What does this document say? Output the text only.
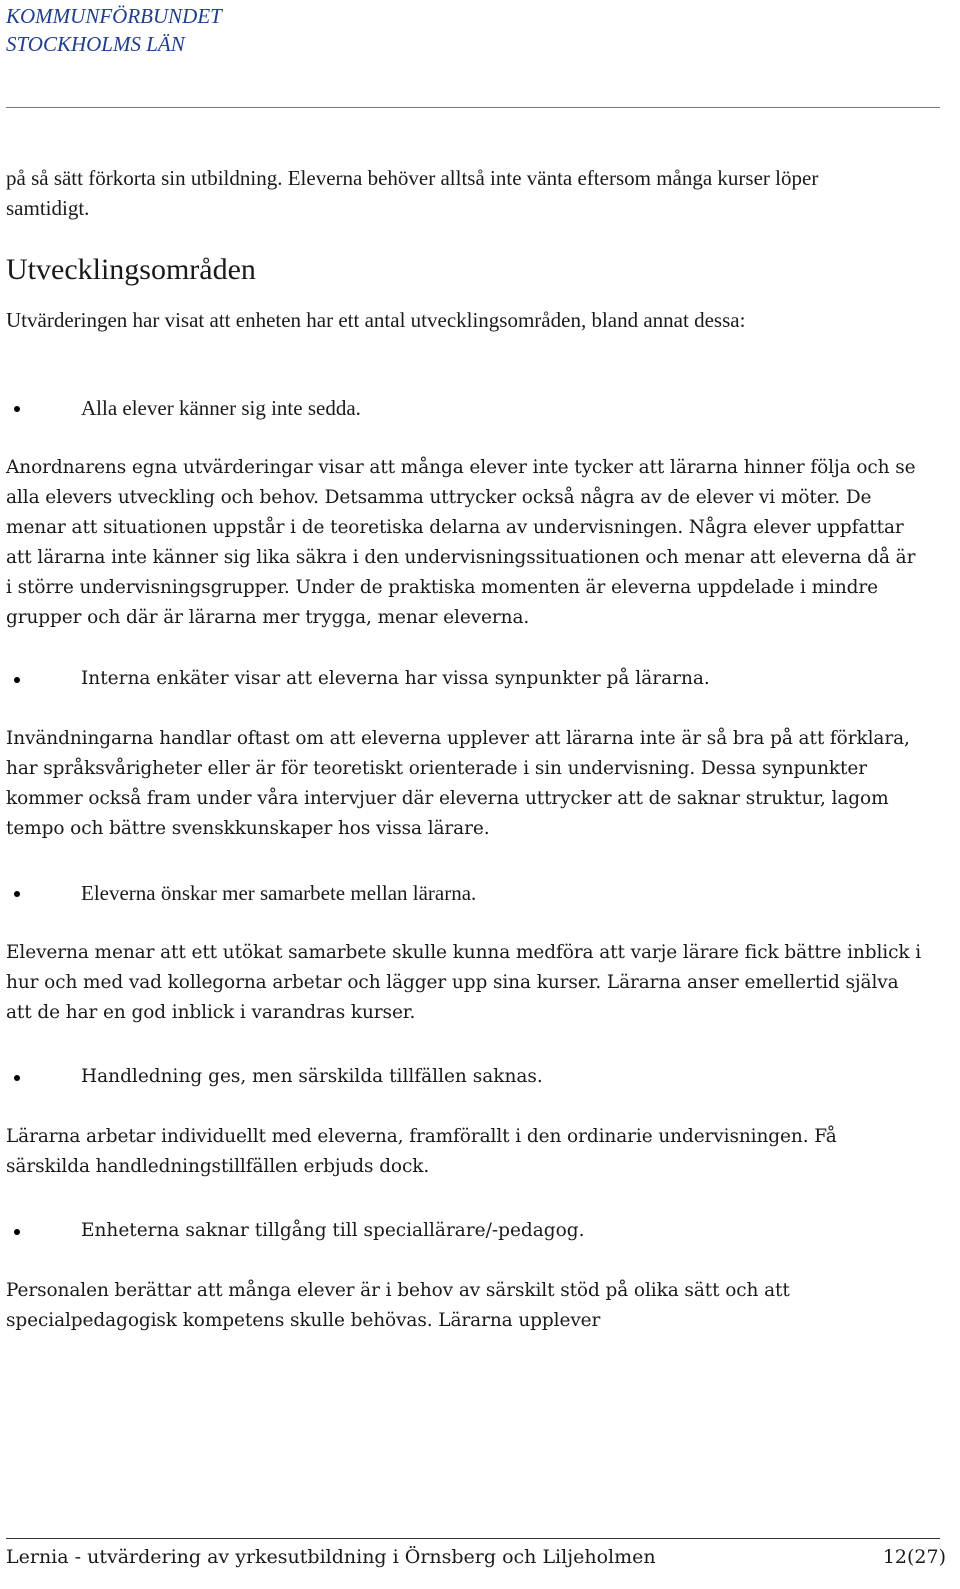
KOMMUNFÖRBUNDET
STOCKHOLMS LÄN
på så sätt förkorta sin utbildning. Eleverna behöver alltså inte vänta eftersom många kurser löper samtidigt.
Utvecklingsområden
Utvärderingen har visat att enheten har ett antal utvecklingsområden, bland annat dessa:
Alla elever känner sig inte sedda.

Anordnarens egna utvärderingar visar att många elever inte tycker att lärarna hinner följa och se alla elevers utveckling och behov. Detsamma uttrycker också några av de elever vi möter. De menar att situationen uppstår i de teoretiska delarna av undervisningen. Några elever uppfattar att lärarna inte känner sig lika säkra i den undervisningssituationen och menar att eleverna då är i större undervisningsgrupper. Under de praktiska momenten är eleverna uppdelade i mindre grupper och där är lärarna mer trygga, menar eleverna.

Interna enkäter visar att eleverna har vissa synpunkter på lärarna.

Invändningarna handlar oftast om att eleverna upplever att lärarna inte är så bra på att förklara, har språksvårigheter eller är för teoretiskt orienterade i sin undervisning. Dessa synpunkter kommer också fram under våra intervjuer där eleverna uttrycker att de saknar struktur, lagom tempo och bättre svenskkunskaper hos vissa lärare.

Eleverna önskar mer samarbete mellan lärarna.

Eleverna menar att ett utökat samarbete skulle kunna medföra att varje lärare fick bättre inblick i hur och med vad kollegorna arbetar och lägger upp sina kurser. Lärarna anser emellertid själva att de har en god inblick i varandras kurser.

Handledning ges, men särskilda tillfällen saknas.

Lärarna arbetar individuellt med eleverna, framförallt i den ordinarie undervisningen. Få särskilda handledningstillfällen erbjuds dock.

Enheterna saknar tillgång till speciallärare/-pedagog.

Personalen berättar att många elever är i behov av särskilt stöd på olika sätt och att specialpedagogisk kompetens skulle behövas. Lärarna upplever

Lernia - utvärdering av yrkesutbildning i Örnsberg och Liljeholmen	12(27)
